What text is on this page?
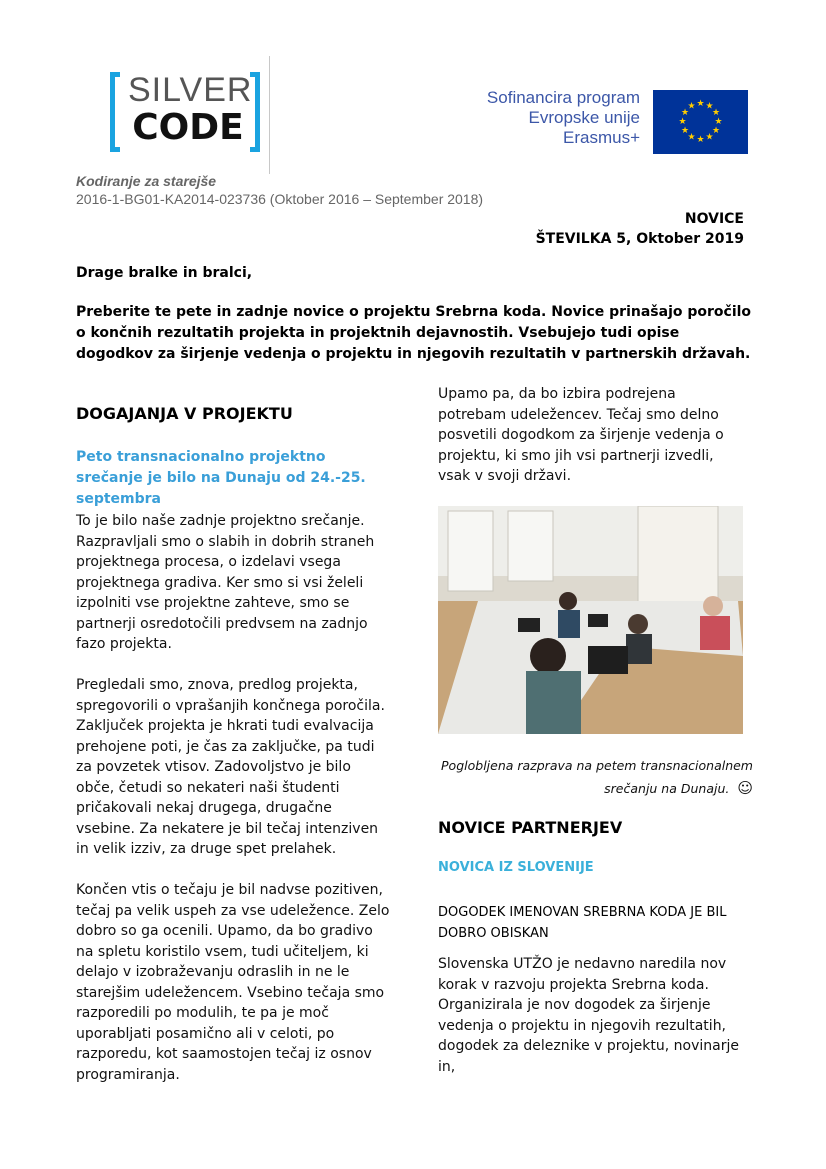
SILVER
CODE
Sofinancira program
Evropske unije
Erasmus+
★ ★
★
★
★
★
★
★
★
★
★
★
Kodiranje za starejše
2016-1-BG01-KA2014-023736 (Oktober 2016 – September 2018)
NOVICE
ŠTEVILKA 5, Oktober 2019
Drage bralke in bralci,
Preberite te pete in zadnje novice o projektu Srebrna koda. Novice prinašajo poročilo o končnih rezultatih projekta in projektnih dejavnostih. Vsebujejo tudi opise dogodkov za širjenje vedenja o projektu in njegovih rezultatih v partnerskih državah.
DOGAJANJA V PROJEKTU
Peto transnacionalno projektno srečanje je bilo na Dunaju od 24.-25. septembra

To je bilo naše zadnje projektno srečanje. Razpravljali smo o slabih in dobrih straneh projektnega procesa, o izdelavi vsega projektnega gradiva. Ker smo si vsi želeli izpolniti vse projektne zahteve, smo se partnerji osredotočili predvsem na zadnjo fazo projekta.

Pregledali smo, znova, predlog projekta, spregovorili o vprašanjih končnega poročila. Zaključek projekta je hkrati tudi evalvacija prehojene poti, je čas za zaključke, pa tudi za povzetek vtisov. Zadovoljstvo je bilo obče, četudi so nekateri naši študenti pričakovali nekaj drugega, drugačne vsebine. Za nekatere je bil tečaj intenziven in velik izziv, za druge spet prelahek.

Končen vtis o tečaju je bil nadvse pozitiven, tečaj pa velik uspeh za vse udeležence. Zelo dobro so ga ocenili. Upamo, da bo gradivo na spletu koristilo vsem, tudi učiteljem, ki delajo v izobraževanju odraslih in ne le starejšim udeležencem. Vsebino tečaja smo razporedili po modulih, te pa je moč uporabljati posamično ali v celoti, po razporedu, kot saamostojen tečaj iz osnov programiranja.

Upamo pa, da bo izbira podrejena potrebam udeležencev. Tečaj smo delno posvetili dogodkom za širjenje vedenja o projektu, ki smo jih vsi partnerji izvedli, vsak v svoji državi.
Poglobljena razprava na petem transnacionalnem
srečanju na Dunaju. ☺
NOVICE PARTNERJEV
NOVICA IZ SLOVENIJE
DOGODEK IMENOVAN SREBRNA KODA JE BIL DOBRO OBISKAN
Slovenska UTŽO je nedavno naredila nov korak v razvoju projekta Srebrna koda. Organizirala je nov dogodek za širjenje vedenja o projektu in njegovih rezultatih, dogodek za deleznike v projektu, novinarje in,
